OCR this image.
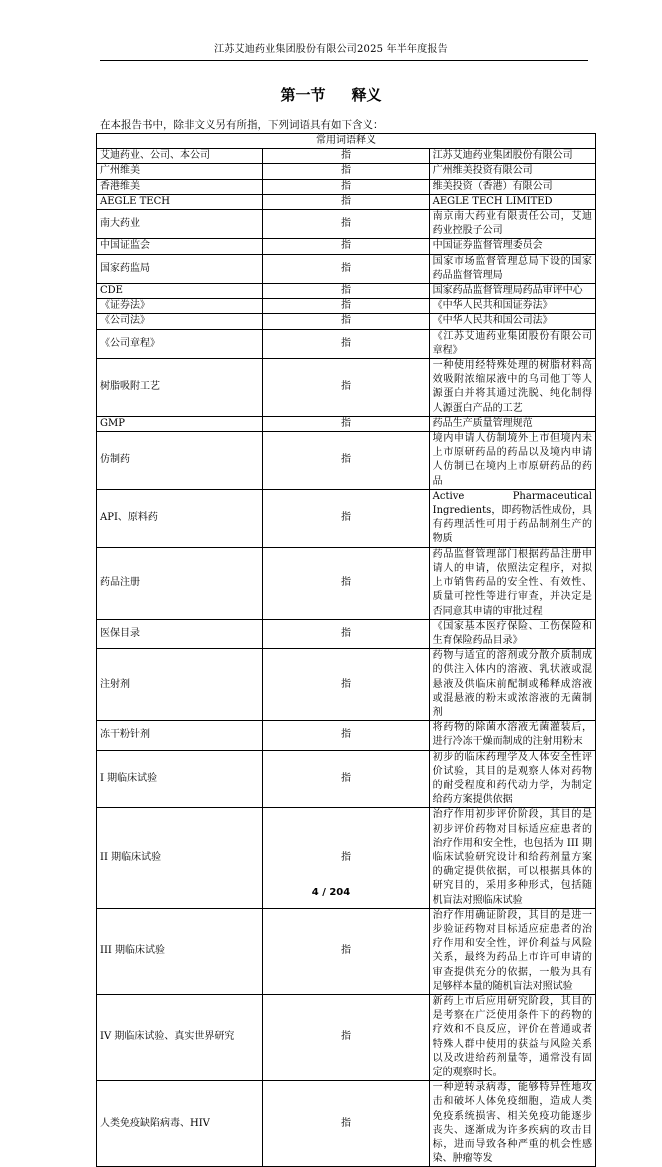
江苏艾迪药业集团股份有限公司2025 年半年度报告
第一节 释义
在本报告书中，除非文义另有所指，下列词语具有如下含义：
常用词语释义		
艾迪药业、公司、本公司	指	江苏艾迪药业集团股份有限公司
广州维美	指	广州维美投资有限公司
香港维美	指	维美投资（香港）有限公司
AEGLE TECH	指	AEGLE TECH LIMITED
南大药业	指	南京南大药业有限责任公司，艾迪药业控股子公司
中国证监会	指	中国证券监督管理委员会
国家药监局	指	国家市场监督管理总局下设的国家药品监督管理局
CDE	指	国家药品监督管理局药品审评中心
《证券法》	指	《中华人民共和国证券法》
《公司法》	指	《中华人民共和国公司法》
《公司章程》	指	《江苏艾迪药业集团股份有限公司章程》
树脂吸附工艺	指	一种使用经特殊处理的树脂材料高效吸附浓缩尿液中的乌司他丁等人源蛋白并将其通过洗脱、纯化制得人源蛋白产品的工艺
GMP	指	药品生产质量管理规范
仿制药	指	境内申请人仿制境外上市但境内未上市原研药品的药品以及境内申请人仿制已在境内上市原研药品的药品
API、原料药	指	Active Pharmaceutical Ingredients，即药物活性成份，具有药理活性可用于药品制剂生产的物质
药品注册	指	药品监督管理部门根据药品注册申请人的申请，依照法定程序，对拟上市销售药品的安全性、有效性、质量可控性等进行审查，并决定是否同意其申请的审批过程
医保目录	指	《国家基本医疗保险、工伤保险和生育保险药品目录》
注射剂	指	药物与适宜的溶剂或分散介质制成的供注入体内的溶液、乳状液或混悬液及供临床前配制或稀释成溶液或混悬液的粉末或浓溶液的无菌制剂
冻干粉针剂	指	将药物的除菌水溶液无菌灌装后，进行冷冻干燥而制成的注射用粉末
I 期临床试验	指	初步的临床药理学及人体安全性评价试验，其目的是观察人体对药物的耐受程度和药代动力学，为制定给药方案提供依据
II 期临床试验	指	治疗作用初步评价阶段，其目的是初步评价药物对目标适应症患者的治疗作用和安全性，也包括为 III 期临床试验研究设计和给药剂量方案的确定提供依据，可以根据具体的研究目的，采用多种形式，包括随机盲法对照临床试验
III 期临床试验	指	治疗作用确证阶段，其目的是进一步验证药物对目标适应症患者的治疗作用和安全性，评价利益与风险关系，最终为药品上市许可申请的审查提供充分的依据，一般为具有足够样本量的随机盲法对照试验
IV 期临床试验、真实世界研究	指	新药上市后应用研究阶段，其目的是考察在广泛使用条件下的药物的疗效和不良反应，评价在普通或者特殊人群中使用的获益与风险关系以及改进给药剂量等，通常没有固定的观察时长。
人类免疫缺陷病毒、HIV	指	一种逆转录病毒，能够特异性地攻击和破坏人体免疫细胞，造成人类免疫系统损害、相关免疫功能逐步丧失、逐渐成为许多疾病的攻击目标，进而导致各种严重的机会性感染、肿瘤等发
4 / 204
